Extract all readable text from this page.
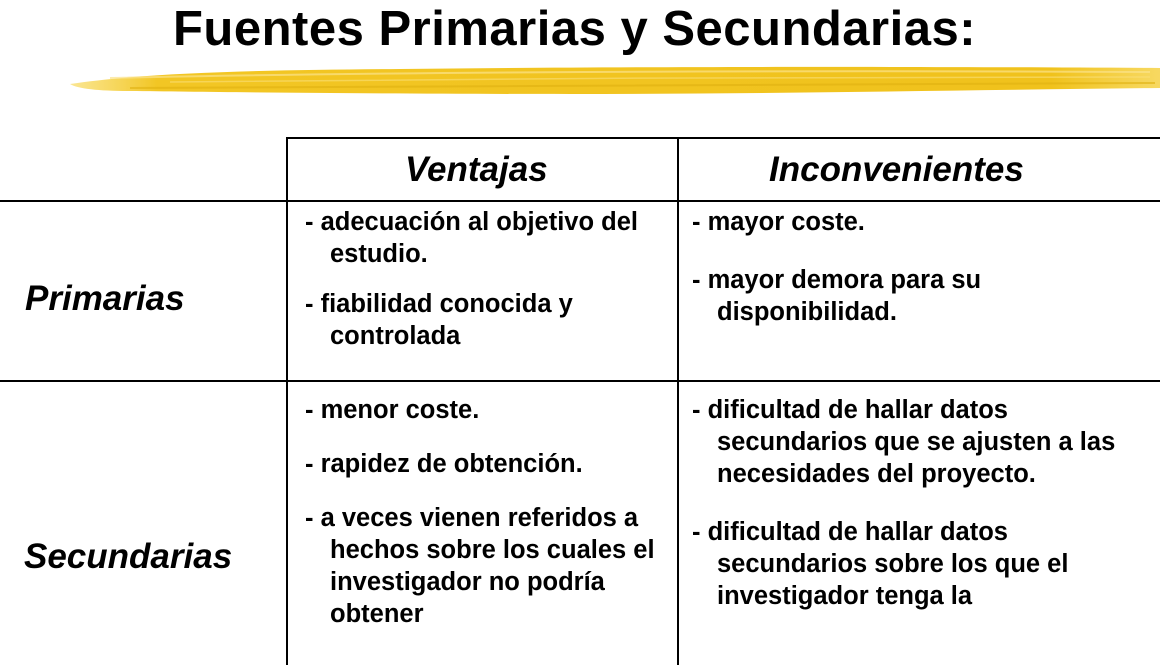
Fuentes Primarias y Secundarias:
Ventajas	Inconvenientes
Primarias
Secundarias

- adecuación al objetivo del estudio.

- fiabilidad conocida y controlada

- mayor coste.

- mayor demora para su disponibilidad.

- menor coste.

- rapidez de obtención.

- a veces vienen referidos a hechos sobre los cuales el investigador no podría obtener

- dificultad de hallar datos secundarios que se ajusten a las necesidades del proyecto.

- dificultad de hallar datos secundarios sobre los que el investigador tenga la
